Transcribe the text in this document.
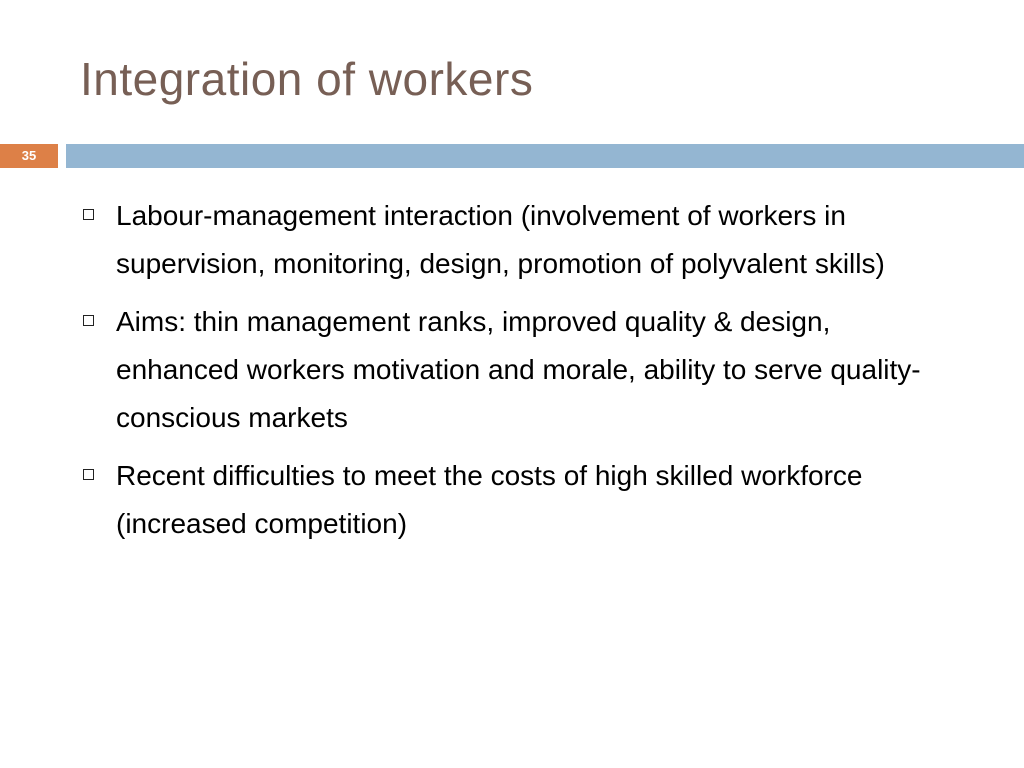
Integration of workers
35
Labour-management interaction (involvement of workers in supervision, monitoring, design, promotion of polyvalent skills)
Aims: thin management ranks, improved quality & design, enhanced workers motivation and morale, ability to serve quality-conscious markets
Recent difficulties to meet the costs of high skilled workforce (increased competition)
